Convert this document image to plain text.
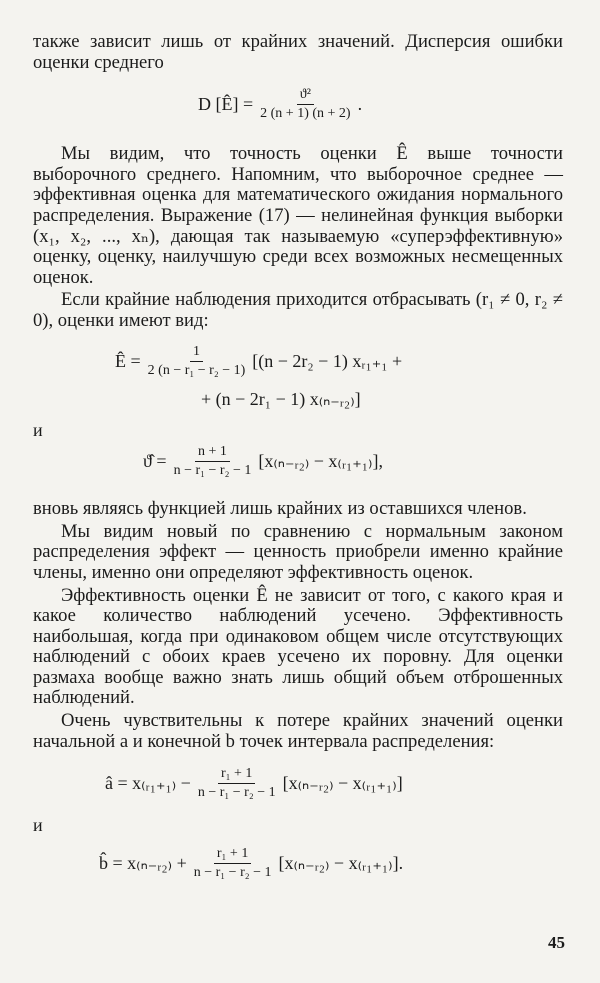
также зависит лишь от крайних значений. Дисперсия ошибки оценки среднего

D [Ê] = $\frac{\text{ϑ²}}{2 (n + 1) (n + 2)}$ .

Мы видим, что точность оценки Ê выше точности выборочного среднего. Напомним, что выборочное среднее — эффективная оценка для математического ожидания нормального распределения. Выражение (17) — нелинейная функция выборки (x₁, x₂, ..., xₙ), дающая так называемую «суперэффективную» оценку, оценку, наилучшую среди всех возможных несмещенных оценок.

Если крайние наблюдения приходится отбрасывать (r₁ ≠ 0, r₂ ≠ 0), оценки имеют вид:

Ê = $\frac{1}{\text{2 (n − r₁ − r₂ − 1)}} [(n - 2r_2 - 1)$ xᵣ₁₊₁ +
+ (n − 2r₁ − 1) x₍ₙ₋ᵣ₂₎]

и

ϑ̂ = $\frac{n + 1}{\text{n − r₁ − r₂ − 1}}$ [x₍ₙ₋ᵣ₂₎ − x₍ᵣ₁₊₁₎],

вновь являясь функцией лишь крайних из оставшихся членов.

Мы видим новый по сравнению с нормальным законом распределения эффект — ценность приобрели именно крайние члены, именно они определяют эффективность оценок.

Эффективность оценки Ê не зависит от того, с какого края и какое количество наблюдений усечено. Эффективность наибольшая, когда при одинаковом общем числе отсутствующих наблюдений с обоих краев усечено их поровну. Для оценки размаха вообще важно знать лишь общий объем отброшенных наблюдений.

Очень чувствительны к потере крайних значений оценки начальной a и конечной b точек интервала распределения:

â = x₍ᵣ₁₊₁₎ − $\frac{\text{r₁ + 1}}{\text{n − r₁ − r₂ − 1}}$ [x₍ₙ₋ᵣ₂₎ − x₍ᵣ₁₊₁₎]

и

b̂ = x₍ₙ₋ᵣ₂₎ + $\frac{\text{r₁ + 1}}{\text{n − r₁ − r₂ − 1}}$ [x₍ₙ₋ᵣ₂₎ − x₍ᵣ₁₊₁₎].
45
